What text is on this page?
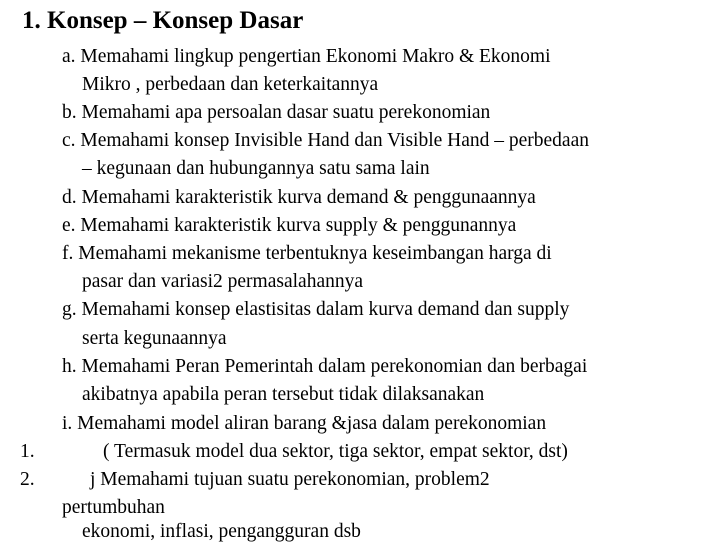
1. Konsep – Konsep Dasar
a. Memahami lingkup pengertian Ekonomi Makro & Ekonomi
Mikro , perbedaan dan keterkaitannya
b. Memahami apa persoalan dasar suatu perekonomian
c. Memahami konsep Invisible Hand dan Visible Hand – perbedaan
– kegunaan dan hubungannya satu sama lain
d. Memahami karakteristik kurva demand & penggunaannya
e. Memahami karakteristik kurva supply & penggunannya
f. Memahami mekanisme terbentuknya keseimbangan harga di
pasar dan variasi2 permasalahannya
g. Memahami konsep elastisitas dalam kurva demand dan supply
serta kegunaannya
h. Memahami Peran Pemerintah dalam perekonomian dan berbagai
akibatnya apabila peran tersebut tidak dilaksanakan
i. Memahami model aliran barang &jasa dalam perekonomian
1.	( Termasuk model dua sektor, tiga sektor, empat sektor, dst)
2.	j Memahami tujuan suatu perekonomian, problem2
pertumbuhan
ekonomi, inflasi, pengangguran dsb
